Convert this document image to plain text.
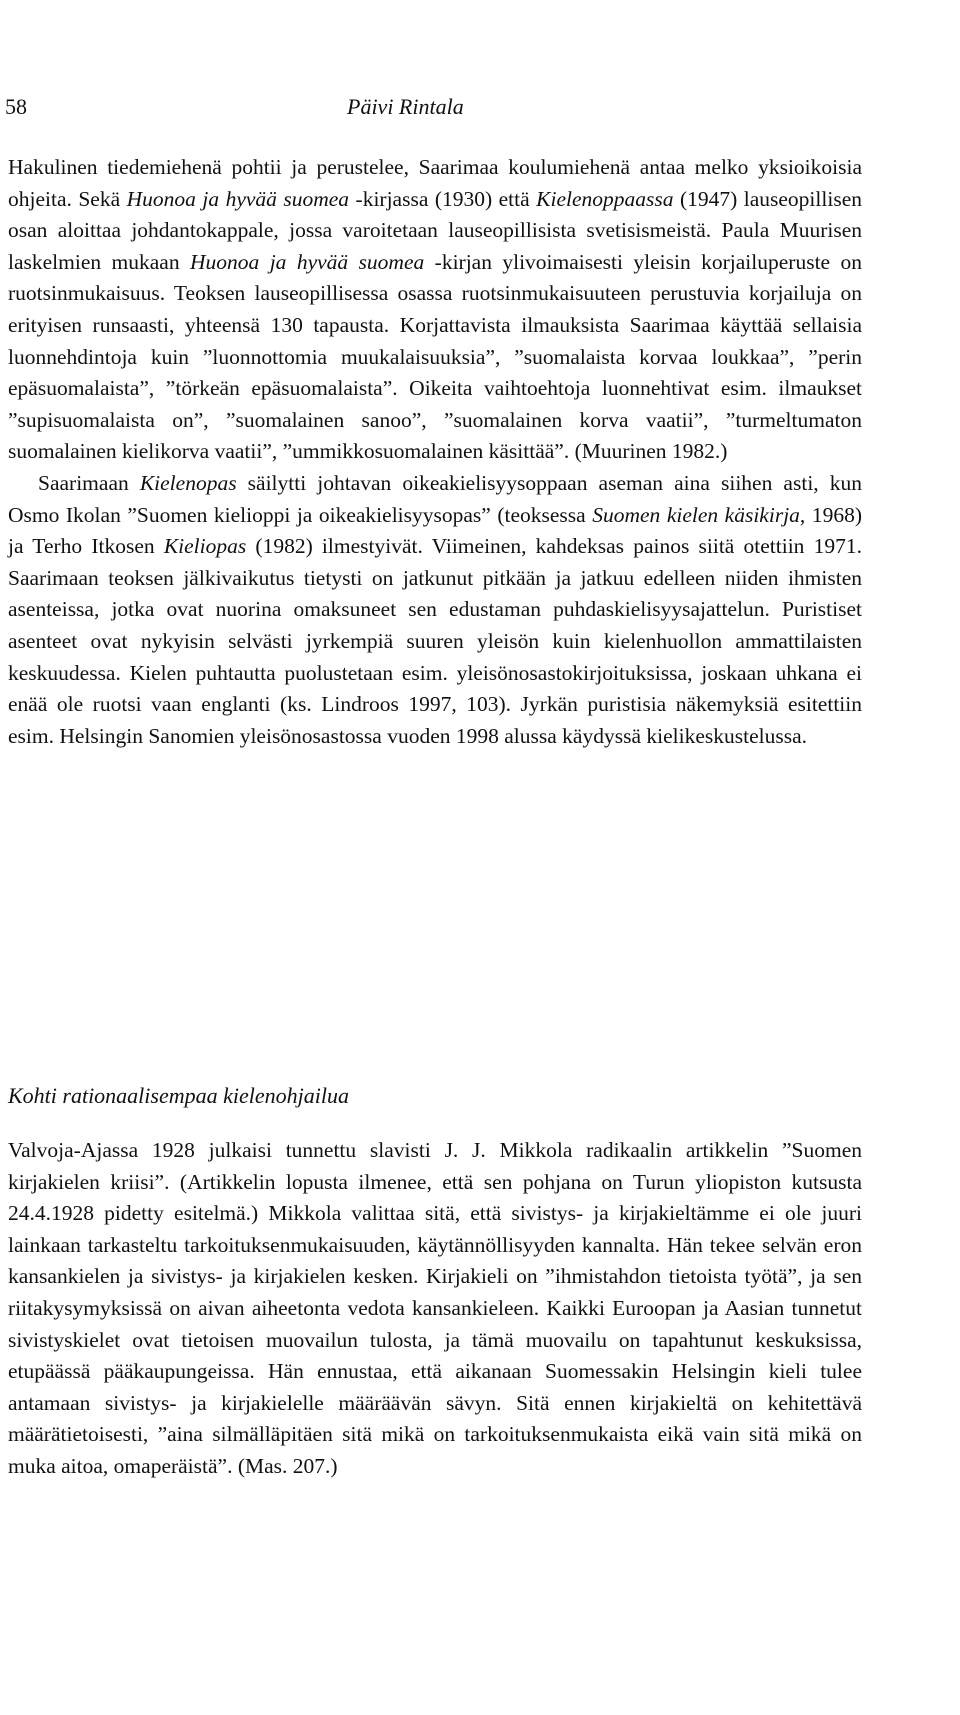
58	Päivi Rintala

Hakulinen tiedemiehenä pohtii ja perustelee, Saarimaa koulumiehenä antaa melko yksioikoisia ohjeita. Sekä Huonoa ja hyvää suomea -kirjassa (1930) että Kielenoppaassa (1947) lauseopillisen osan aloittaa johdantokappale, jossa varoitetaan lauseopillisista svetisismeistä. Paula Muurisen laskelmien mukaan Huonoa ja hyvää suomea -kirjan ylivoimaisesti yleisin korjailuperuste on ruotsinmukaisuus. Teoksen lauseopillisessa osassa ruotsinmukaisuuteen perustuvia korjailuja on erityisen runsaasti, yhteensä 130 tapausta. Korjattavista ilmauksista Saarimaa käyttää sellaisia luonnehdintoja kuin ”luonnottomia muukalaisuuksia”, ”suomalaista korvaa loukkaa”, ”perin epäsuomalaista”, ”törkeän epäsuomalaista”. Oikeita vaihtoehtoja luonnehtivat esim. ilmaukset ”supisuomalaista on”, ”suomalainen sanoo”, ”suomalainen korva vaatii”, ”turmeltumaton suomalainen kielikorva vaatii”, ”ummikkosuomalainen käsittää”. (Muurinen 1982.)

Saarimaan Kielenopas säilytti johtavan oikeakielisyysoppaan aseman aina siihen asti, kun Osmo Ikolan ”Suomen kielioppi ja oikeakielisyysopas” (teoksessa Suomen kielen käsikirja, 1968) ja Terho Itkosen Kieliopas (1982) ilmestyivät. Viimeinen, kahdeksas painos siitä otettiin 1971. Saarimaan teoksen jälkivaikutus tietysti on jatkunut pitkään ja jatkuu edelleen niiden ihmisten asenteissa, jotka ovat nuorina omaksuneet sen edustaman puhdaskielisyysajattelun. Puristiset asenteet ovat nykyisin selvästi jyrkempiä suuren yleisön kuin kielenhuollon ammattilaisten keskuudessa. Kielen puhtautta puolustetaan esim. yleisönosastokirjoituksissa, joskaan uhkana ei enää ole ruotsi vaan englanti (ks. Lindroos 1997, 103). Jyrkän puristisia näkemyksiä esitettiin esim. Helsingin Sanomien yleisönosastossa vuoden 1998 alussa käydyssä kielikeskustelussa.

Kohti rationaalisempaa kielenohjailua

Valvoja-Ajassa 1928 julkaisi tunnettu slavisti J. J. Mikkola radikaalin artikkelin ”Suomen kirjakielen kriisi”. (Artikkelin lopusta ilmenee, että sen pohjana on Turun yliopiston kutsusta 24.4.1928 pidetty esitelmä.) Mikkola valittaa sitä, että sivistys- ja kirjakieltämme ei ole juuri lainkaan tarkasteltu tarkoituksenmukaisuuden, käytännöllisyyden kannalta. Hän tekee selvän eron kansankielen ja sivistys- ja kirjakielen kesken. Kirjakieli on ”ihmistahdon tietoista työtä”, ja sen riitakysymyksissä on aivan aiheetonta vedota kansankieleen. Kaikki Euroopan ja Aasian tunnetut sivistyskielet ovat tietoisen muovailun tulosta, ja tämä muovailu on tapahtunut keskuksissa, etupäässä pääkaupungeissa. Hän ennustaa, että aikanaan Suomessakin Helsingin kieli tulee antamaan sivistys- ja kirjakielelle määräävän sävyn. Sitä ennen kirjakieltä on kehitettävä määrätietoisesti, ”aina silmälläpitäen sitä mikä on tarkoituksenmukaista eikä vain sitä mikä on muka aitoa, omaperäistä”. (Mas. 207.)
